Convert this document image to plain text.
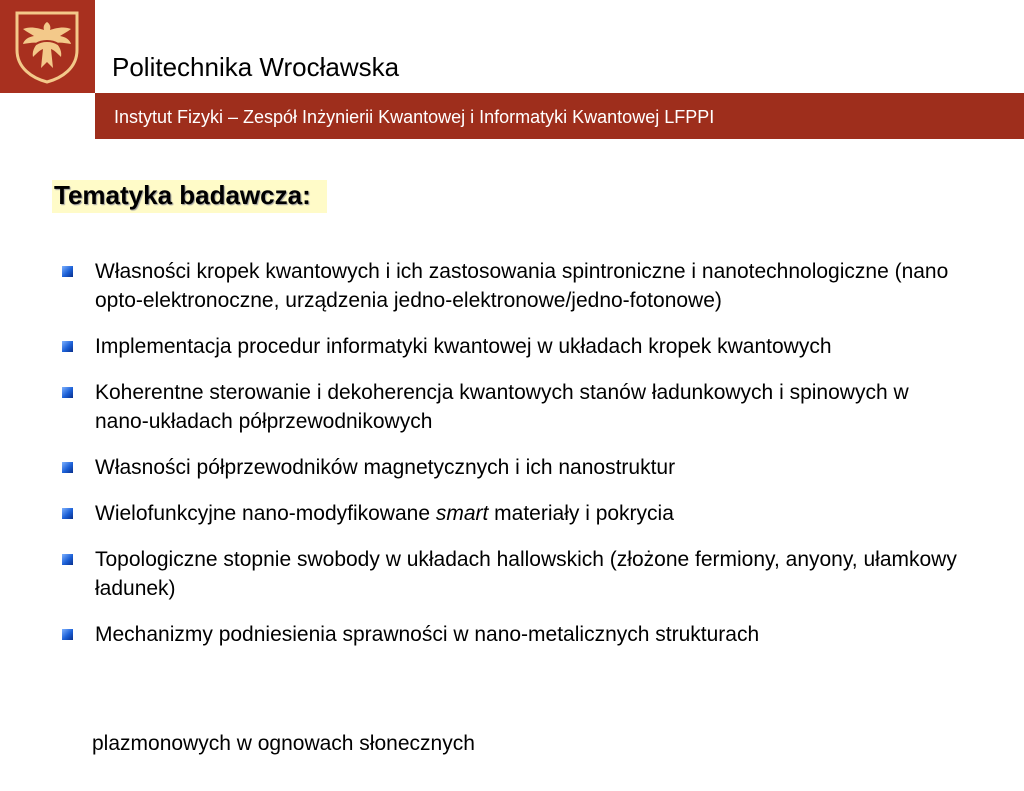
Politechnika Wrocławska
Instytut Fizyki – Zespół Inżynierii Kwantowej i Informatyki Kwantowej LFPPI
Tematyka badawcza:
Własności kropek kwantowych i ich zastosowania spintroniczne i nanotechnologiczne (nano opto-elektronoczne, urządzenia jedno-elektronowe/jedno-fotonowe)
Implementacja procedur informatyki kwantowej w układach kropek kwantowych
Koherentne sterowanie i dekoherencja kwantowych stanów ładunkowych i spinowych w nano-układach półprzewodnikowych
Własności półprzewodników magnetycznych i ich nanostruktur
Wielofunkcyjne nano-modyfikowane smart materiały i pokrycia
Topologiczne stopnie swobody w układach hallowskich (złożone fermiony, anyony, ułamkowy ładunek)
Mechanizmy podniesienia sprawności w nano-metalicznych strukturach
plazmonowych w ognowach słonecznych
